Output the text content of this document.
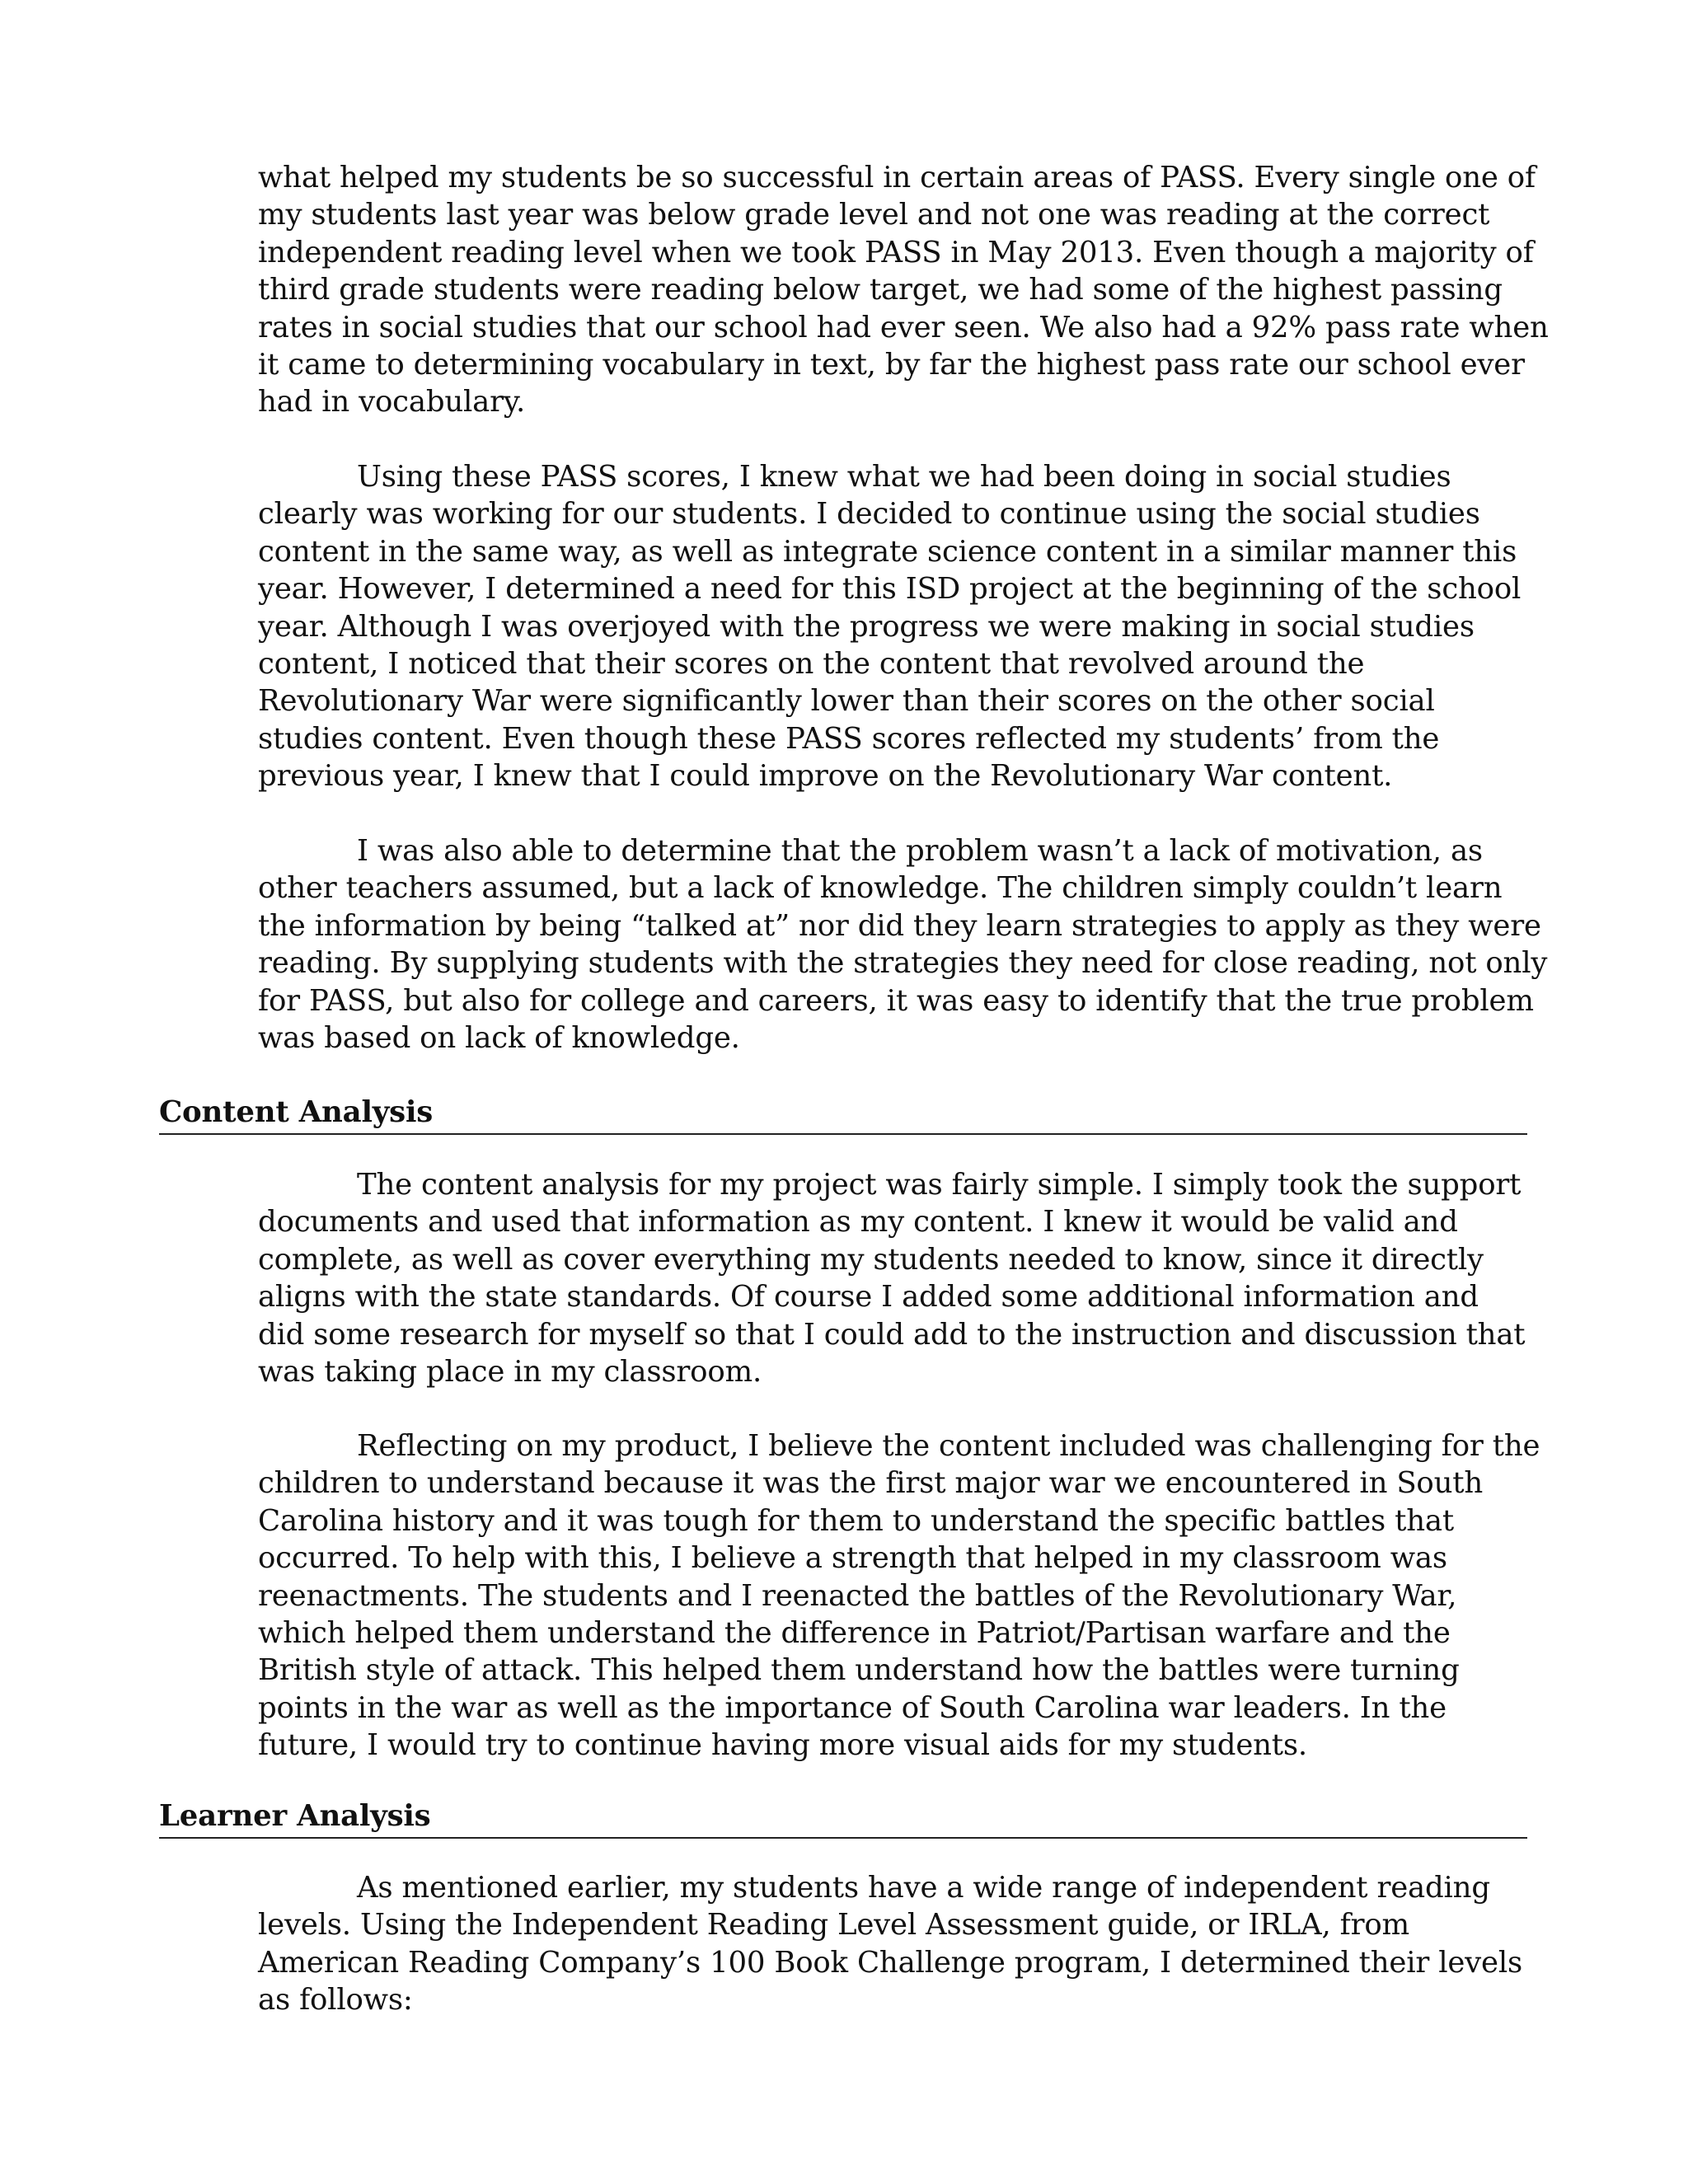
what helped my students be so successful in certain areas of PASS. Every single one of
my students last year was below grade level and not one was reading at the correct
independent reading level when we took PASS in May 2013. Even though a majority of
third grade students were reading below target, we had some of the highest passing
rates in social studies that our school had ever seen. We also had a 92% pass rate when
it came to determining vocabulary in text, by far the highest pass rate our school ever
had in vocabulary.
Using these PASS scores, I knew what we had been doing in social studies
clearly was working for our students. I decided to continue using the social studies
content in the same way, as well as integrate science content in a similar manner this
year. However, I determined a need for this ISD project at the beginning of the school
year. Although I was overjoyed with the progress we were making in social studies
content, I noticed that their scores on the content that revolved around the
Revolutionary War were significantly lower than their scores on the other social
studies content. Even though these PASS scores reflected my students’ from the
previous year, I knew that I could improve on the Revolutionary War content.
I was also able to determine that the problem wasn’t a lack of motivation, as
other teachers assumed, but a lack of knowledge. The children simply couldn’t learn
the information by being “talked at” nor did they learn strategies to apply as they were
reading. By supplying students with the strategies they need for close reading, not only
for PASS, but also for college and careers, it was easy to identify that the true problem
was based on lack of knowledge.
Content Analysis
The content analysis for my project was fairly simple. I simply took the support
documents and used that information as my content. I knew it would be valid and
complete, as well as cover everything my students needed to know, since it directly
aligns with the state standards. Of course I added some additional information and
did some research for myself so that I could add to the instruction and discussion that
was taking place in my classroom.
Reflecting on my product, I believe the content included was challenging for the
children to understand because it was the first major war we encountered in South
Carolina history and it was tough for them to understand the specific battles that
occurred. To help with this, I believe a strength that helped in my classroom was
reenactments. The students and I reenacted the battles of the Revolutionary War,
which helped them understand the difference in Patriot/Partisan warfare and the
British style of attack. This helped them understand how the battles were turning
points in the war as well as the importance of South Carolina war leaders. In the
future, I would try to continue having more visual aids for my students.
Learner Analysis
As mentioned earlier, my students have a wide range of independent reading
levels. Using the Independent Reading Level Assessment guide, or IRLA, from
American Reading Company’s 100 Book Challenge program, I determined their levels
as follows:
